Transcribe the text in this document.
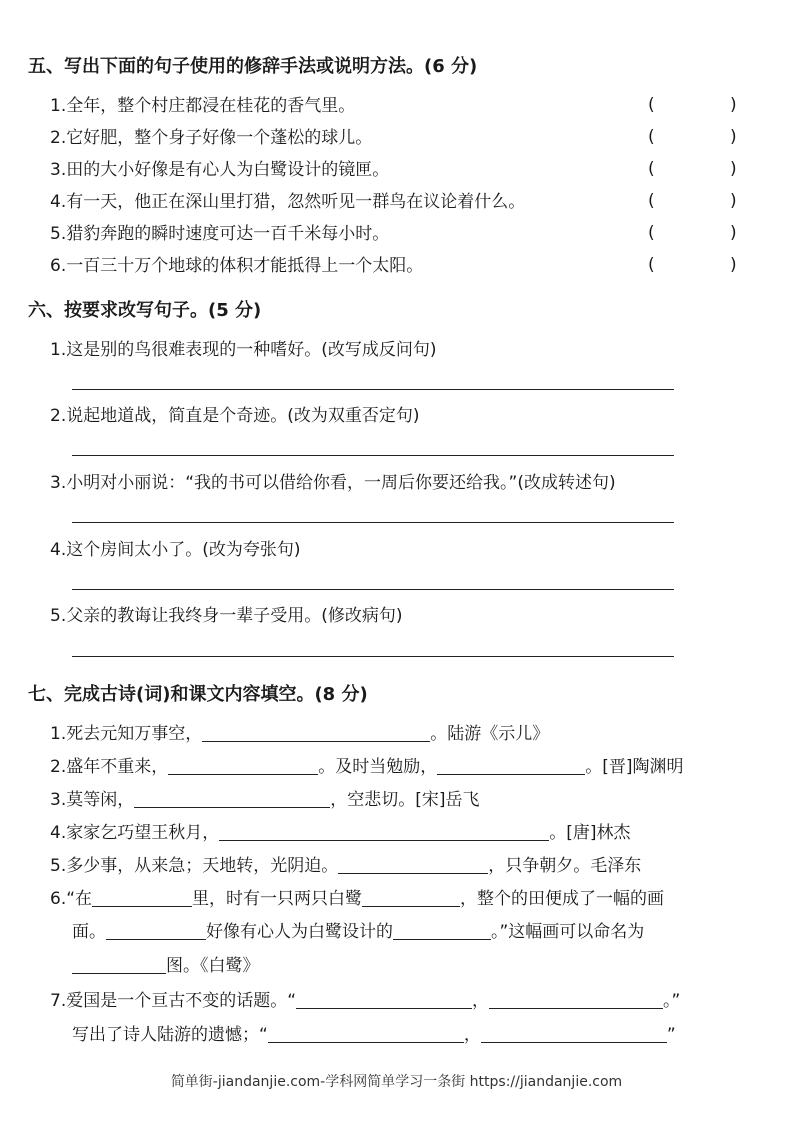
五、写出下面的句子使用的修辞手法或说明方法。(6 分)
1.全年，整个村庄都浸在桂花的香气里。	(	)
2.它好肥，整个身子好像一个蓬松的球儿。	(	)
3.田的大小好像是有心人为白鹭设计的镜匣。	(	)
4.有一天，他正在深山里打猎，忽然听见一群鸟在议论着什么。	(	)
5.猎豹奔跑的瞬时速度可达一百千米每小时。	(	)
6.一百三十万个地球的体积才能抵得上一个太阳。	(	)
六、按要求改写句子。(5 分)
1.这是别的鸟很难表现的一种嗜好。(改写成反问句)
2.说起地道战，简直是个奇迹。(改为双重否定句)
3.小明对小丽说：“我的书可以借给你看，一周后你要还给我。”(改成转述句)
4.这个房间太小了。(改为夸张句)
5.父亲的教诲让我终身一辈子受用。(修改病句)
七、完成古诗(词)和课文内容填空。(8 分)
1.死去元知万事空，	。陆游《示儿》
2.盛年不重来，	。及时当勉励，	。[晋]陶渊明
3.莫等闲，	，空悲切。[宋]岳飞
4.家家乞巧望王秋月，	。[唐]林杰
5.多少事，从来急；天地转，光阴迫。	，只争朝夕。毛泽东
6.“在	里，时有一只两只白鹭	，整个的田便成了一幅的画
面。	好像有心人为白鹭设计的	。”这幅画可以命名为
图。《白鹭》
7.爱国是一个亘古不变的话题。“	，	。”
写出了诗人陆游的遗憾；“	，	”
简单街-jiandanjie.com-学科网简单学习一条街 https://jiandanjie.com
